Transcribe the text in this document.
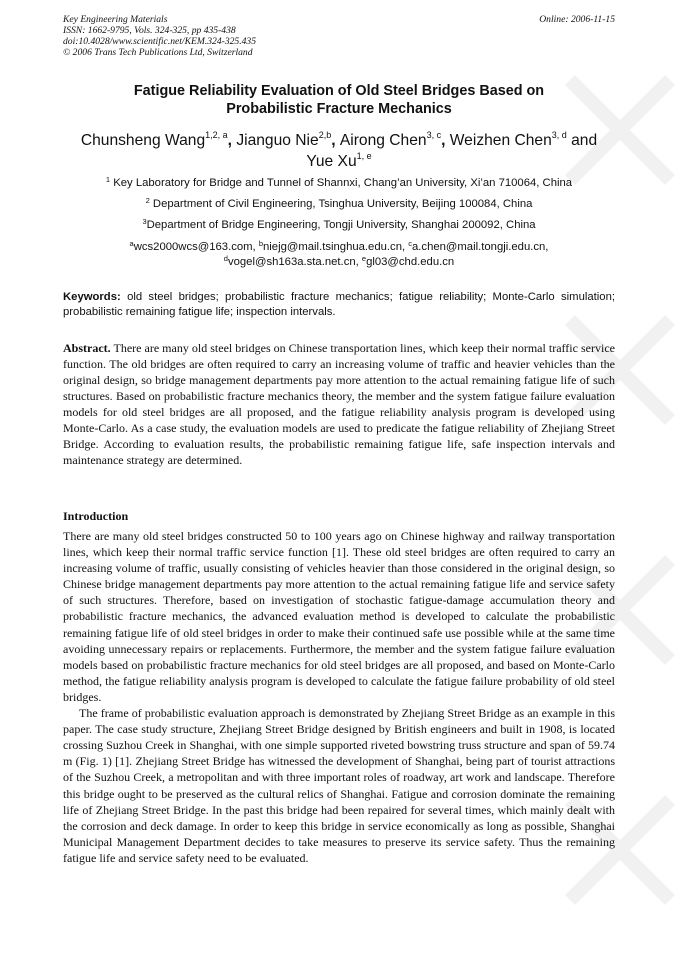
Key Engineering Materials
ISSN: 1662-9795, Vols. 324-325, pp 435-438
doi:10.4028/www.scientific.net/KEM.324-325.435
© 2006 Trans Tech Publications Ltd, Switzerland
Online: 2006-11-15
Fatigue Reliability Evaluation of Old Steel Bridges Based on
Probabilistic Fracture Mechanics
Chunsheng Wang$^{1,2, a}$, Jianguo Nie$^{2,b}$, Airong Chen$^{3, c}$, Weizhen Chen$^{3, d}$ and
Yue Xu$^{1, e}$
$^1$ Key Laboratory for Bridge and Tunnel of Shannxi, Chang’an University, Xi’an 710064, China
$^2$ Department of Civil Engineering, Tsinghua University, Beijing 100084, China
$^3$Department of Bridge Engineering, Tongji University, Shanghai 200092, China
$^a$wcs2000wcs@163.com, $^b$niejg@mail.tsinghua.edu.cn, $^c$a.chen@mail.tongji.edu.cn,
$^d$vogel@sh163a.sta.net.cn, $^e$gl03@chd.edu.cn
Keywords: old steel bridges; probabilistic fracture mechanics; fatigue reliability; Monte-Carlo simulation; probabilistic remaining fatigue life; inspection intervals.
Abstract. There are many old steel bridges on Chinese transportation lines, which keep their normal traffic service function. The old bridges are often required to carry an increasing volume of traffic and heavier vehicles than the original design, so bridge management departments pay more attention to the actual remaining fatigue life of such structures. Based on probabilistic fracture mechanics theory, the member and the system fatigue failure evaluation models for old steel bridges are all proposed, and the fatigue reliability analysis program is developed using Monte-Carlo. As a case study, the evaluation models are used to predicate the fatigue reliability of Zhejiang Street Bridge. According to evaluation results, the probabilistic remaining fatigue life, safe inspection intervals and maintenance strategy are determined.
Introduction

There are many old steel bridges constructed 50 to 100 years ago on Chinese highway and railway transportation lines, which keep their normal traffic service function [1]. These old steel bridges are often required to carry an increasing volume of traffic, usually consisting of vehicles heavier than those considered in the original design, so Chinese bridge management departments pay more attention to the actual remaining fatigue life and service safety of such structures. Therefore, based on investigation of stochastic fatigue-damage accumulation theory and probabilistic fracture mechanics, the advanced evaluation method is developed to calculate the probabilistic remaining fatigue life of old steel bridges in order to make their continued safe use possible while at the same time avoiding unnecessary repairs or replacements. Furthermore, the member and the system fatigue failure evaluation models based on probabilistic fracture mechanics for old steel bridges are all proposed, and based on Monte-Carlo method, the fatigue reliability analysis program is developed to calculate the fatigue failure probability of old steel bridges.

The frame of probabilistic evaluation approach is demonstrated by Zhejiang Street Bridge as an example in this paper. The case study structure, Zhejiang Street Bridge designed by British engineers and built in 1908, is located crossing Suzhou Creek in Shanghai, with one simple supported riveted bowstring truss structure and span of 59.74 m (Fig. 1) [1]. Zhejiang Street Bridge has witnessed the development of Shanghai, being part of tourist attractions of the Suzhou Creek, a metropolitan and with three important roles of roadway, art work and landscape. Therefore this bridge ought to be preserved as the cultural relics of Shanghai. Fatigue and corrosion dominate the remaining life of Zhejiang Street Bridge. In the past this bridge had been repaired for several times, which mainly dealt with the corrosion and deck damage. In order to keep this bridge in service economically as long as possible, Shanghai Municipal Management Department decides to take measures to preserve its service safety. Thus the remaining fatigue life and service safety need to be evaluated.
